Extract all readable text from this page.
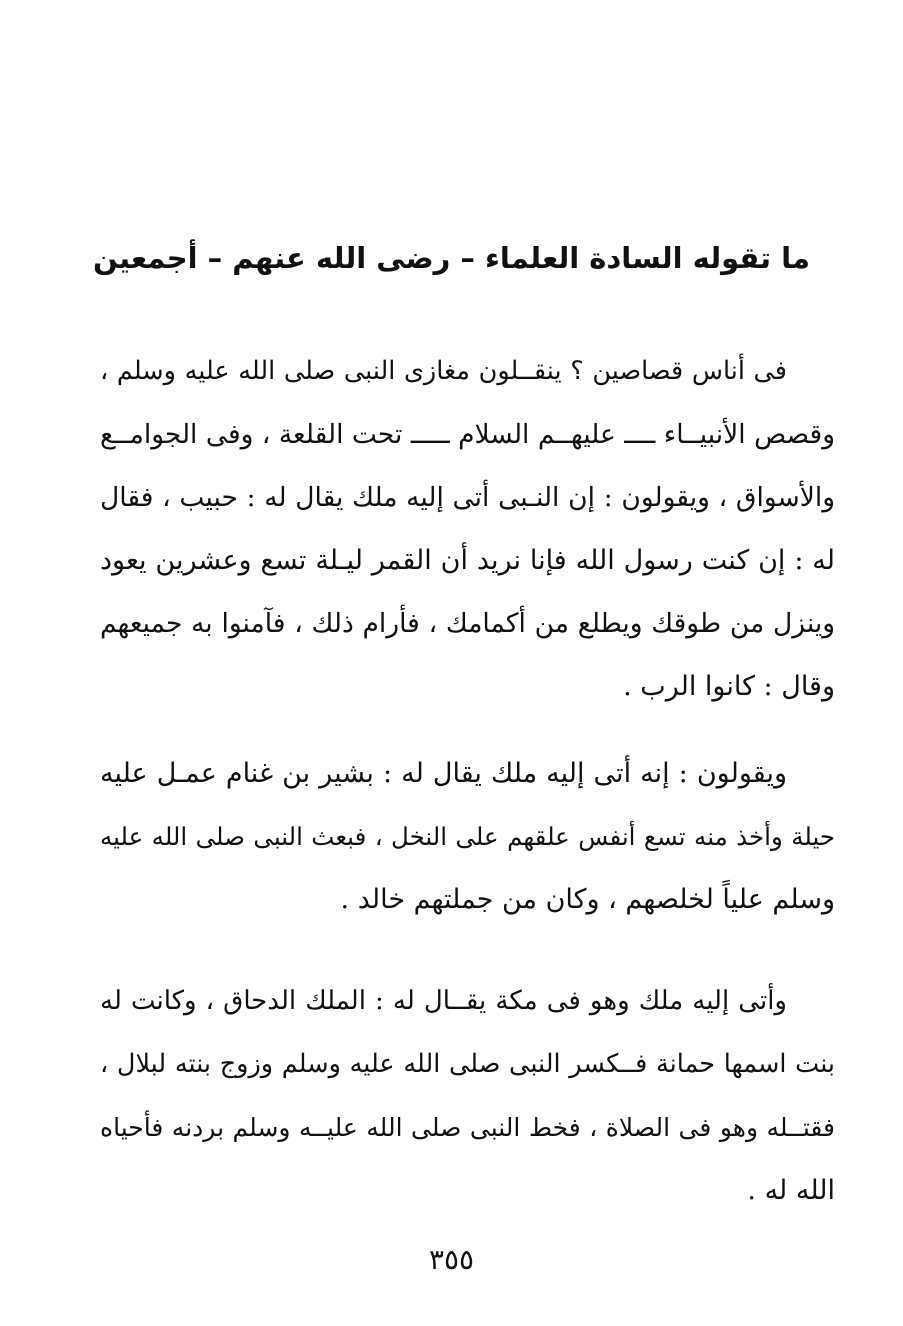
ما تقوله السادة العلماء – رضى الله عنهم – أجمعين
فى أناس قصاصين ؟ ينقــلون مغازى النبى صلى الله عليه وسلم ،
وقصص الأنبيــاء ــــ عليهــم السلام ـــــ تحت القلعة ، وفى الجوامــع
والأسواق ، ويقولون : إن النـبى أتى إليه ملك يقال له : حبيب ، فقال
له : إن كنت رسول الله فإنا نريد أن القمر ليـلة تسع وعشرين يعود
وينزل من طوقك ويطلع من أكمامك ، فأرام ذلك ، فآمنوا به جميعهم
وقال : كانوا الرب .
ويقولون : إنه أتى إليه ملك يقال له : بشير بن غنام عمـل عليه
حيلة وأخذ منه تسع أنفس علقهم على النخل ، فبعث النبى صلى الله عليه
وسلم علياً لخلصهم ، وكان من جملتهم خالد .
وأتى إليه ملك وهو فى مكة يقــال له : الملك الدحاق ، وكانت له
بنت اسمها حمانة فــكسر النبى صلى الله عليه وسلم وزوج بنته لبلال ،
فقتــله وهو فى الصلاة ، فخط النبى صلى الله عليــه وسلم بردنه فأحياه
الله له .
٣٥٥
